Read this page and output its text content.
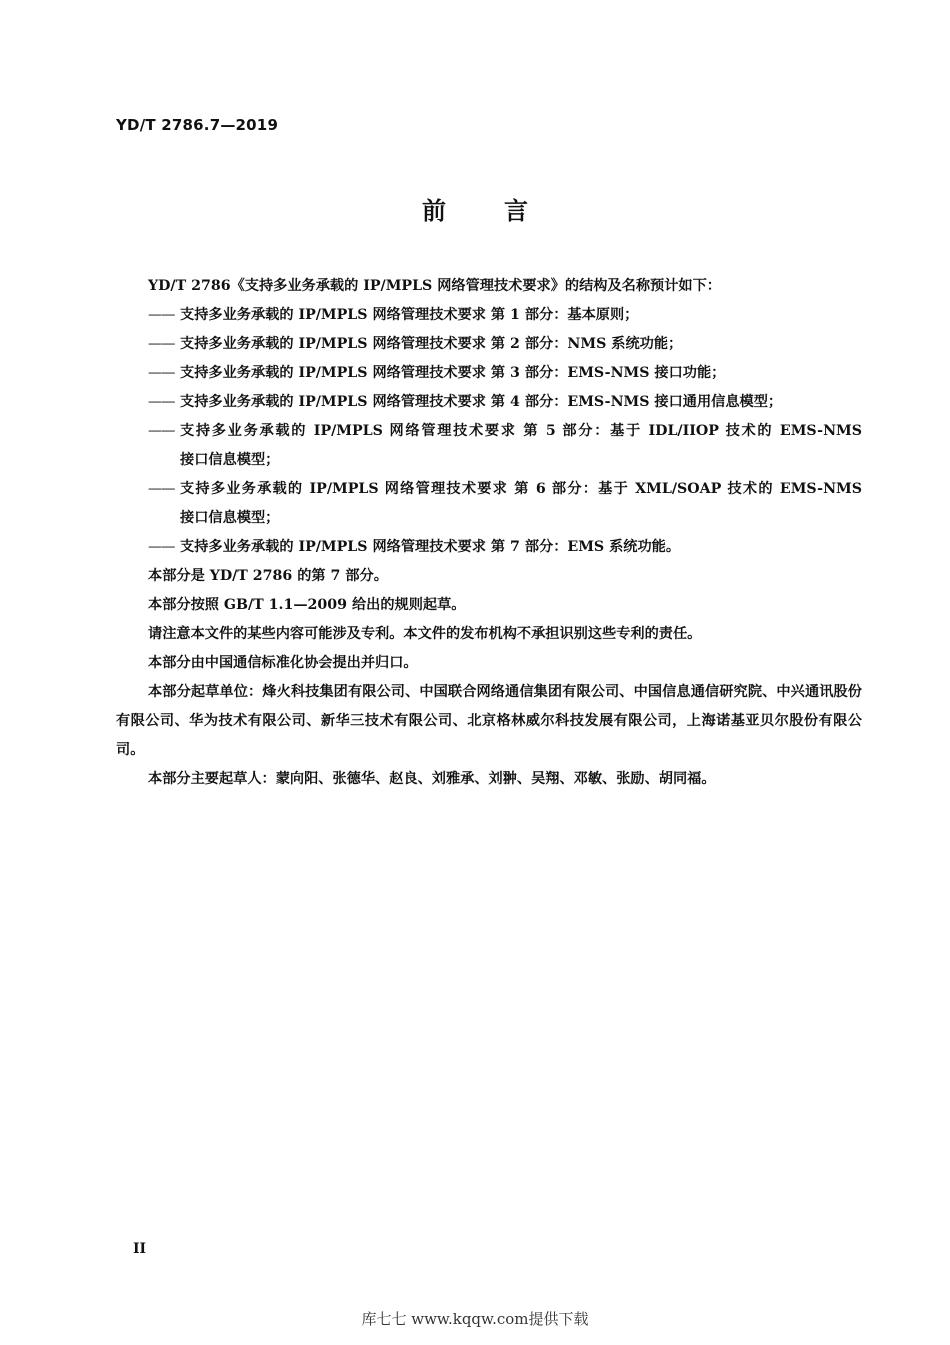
YD/T 2786.7—2019
前言

YD/T 2786《支持多业务承载的 IP/MPLS 网络管理技术要求》的结构及名称预计如下：

—— 支持多业务承载的 IP/MPLS 网络管理技术要求 第 1 部分：基本原则；
—— 支持多业务承载的 IP/MPLS 网络管理技术要求 第 2 部分：NMS 系统功能；
—— 支持多业务承载的 IP/MPLS 网络管理技术要求 第 3 部分：EMS-NMS 接口功能；
—— 支持多业务承载的 IP/MPLS 网络管理技术要求 第 4 部分：EMS-NMS 接口通用信息模型；
—— 支持多业务承载的 IP/MPLS 网络管理技术要求 第 5 部分：基于 IDL/IIOP 技术的 EMS-NMS

接口信息模型；

—— 支持多业务承载的 IP/MPLS 网络管理技术要求 第 6 部分：基于 XML/SOAP 技术的 EMS-NMS

接口信息模型；

—— 支持多业务承载的 IP/MPLS 网络管理技术要求 第 7 部分：EMS 系统功能。

本部分是 YD/T 2786 的第 7 部分。

本部分按照 GB/T 1.1—2009 给出的规则起草。

请注意本文件的某些内容可能涉及专利。本文件的发布机构不承担识别这些专利的责任。

本部分由中国通信标准化协会提出并归口。

本部分起草单位：烽火科技集团有限公司、中国联合网络通信集团有限公司、中国信息通信研究院、中兴通讯股份有限公司、华为技术有限公司、新华三技术有限公司、北京格林威尔科技发展有限公司，上海诺基亚贝尔股份有限公司。

本部分主要起草人：蒙向阳、张德华、赵良、刘雅承、刘翀、吴翔、邓敏、张励、胡同福。

II
库七七 www.kqqw.com提供下载
